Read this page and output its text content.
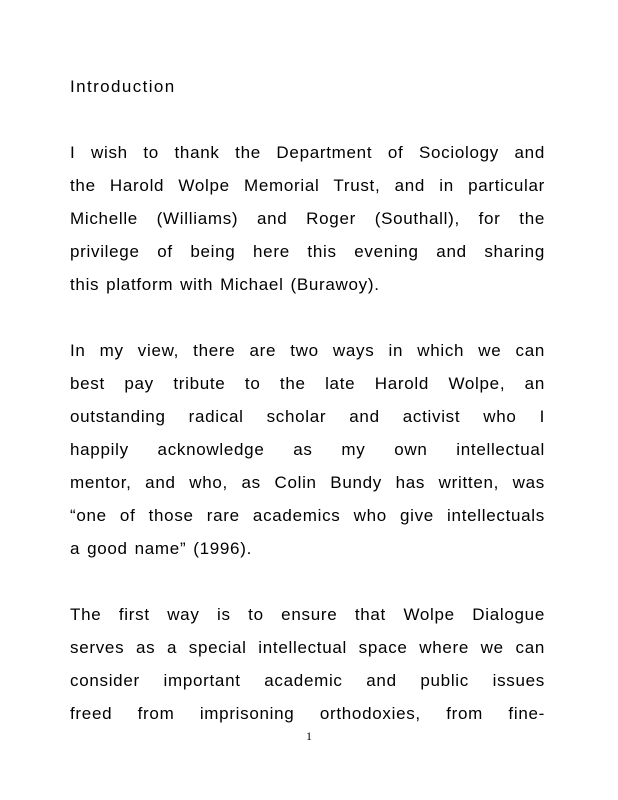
Introduction
I wish to thank the Department of Sociology and
the Harold Wolpe Memorial Trust, and in particular
Michelle (Williams) and Roger (Southall), for the
privilege of being here this evening and sharing
this platform with Michael (Burawoy).
In my view, there are two ways in which we can
best pay tribute to the late Harold Wolpe, an
outstanding radical scholar and activist who I
happily acknowledge as my own intellectual
mentor, and who, as Colin Bundy has written, was
“one of those rare academics who give intellectuals
a good name” (1996).
The first way is to ensure that Wolpe Dialogue
serves as a special intellectual space where we can
consider important academic and public issues
freed from imprisoning orthodoxies, from fine-
1
